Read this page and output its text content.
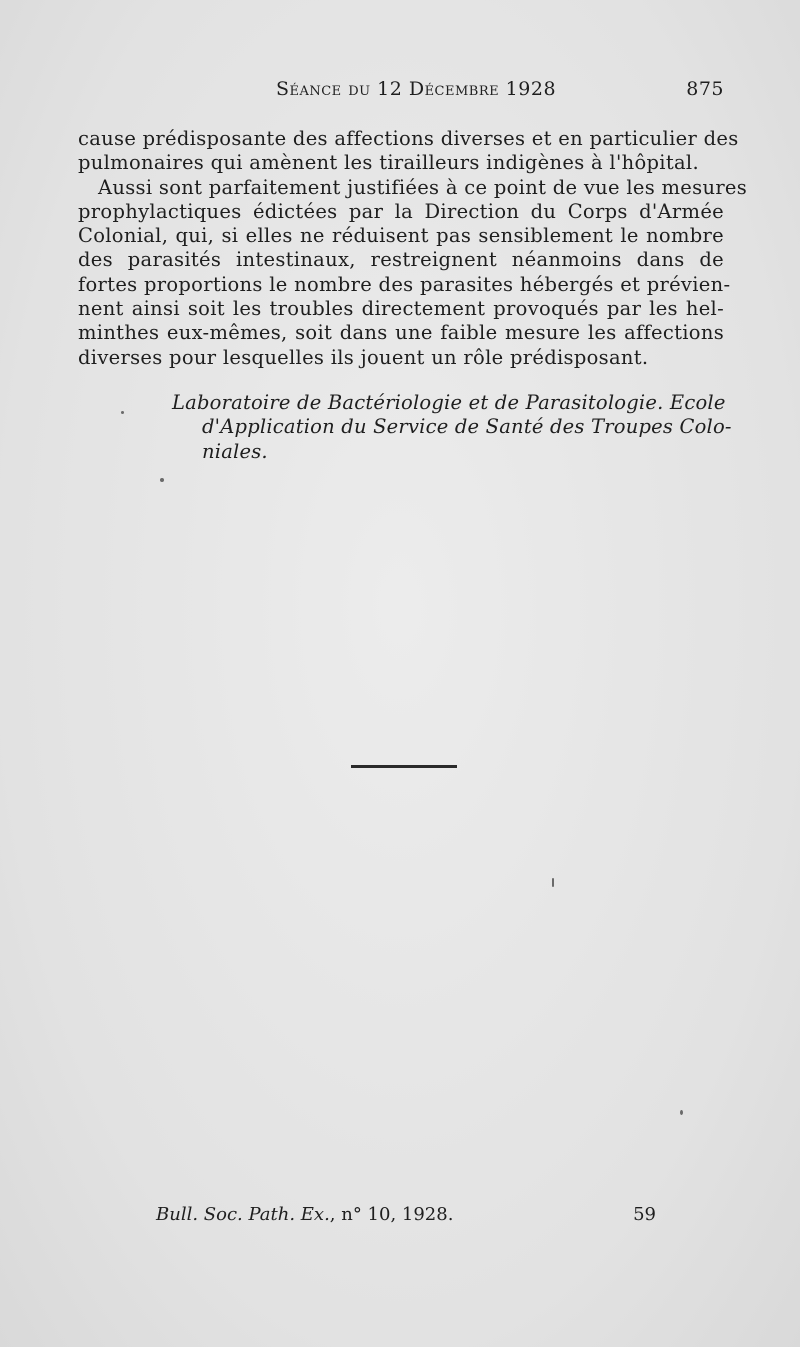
Séance du 12 Décembre 1928	875
cause prédisposante des affections diverses et en particulier des
pulmonaires qui amènent les tirailleurs indigènes à l'hôpital.
Aussi sont parfaitement justifiées à ce point de vue les mesures
prophylactiques édictées par la Direction du Corps d'Armée
Colonial, qui, si elles ne réduisent pas sensiblement le nombre
des parasités intestinaux, restreignent néanmoins dans de
fortes proportions le nombre des parasites hébergés et prévien-
nent ainsi soit les troubles directement provoqués par les hel-
minthes eux-mêmes, soit dans une faible mesure les affections
diverses pour lesquelles ils jouent un rôle prédisposant.
Laboratoire de Bactériologie et de Parasitologie. Ecole
d'Application du Service de Santé des Troupes Colo-
niales.
Bull. Soc. Path. Ex., n° 10, 1928.	59
